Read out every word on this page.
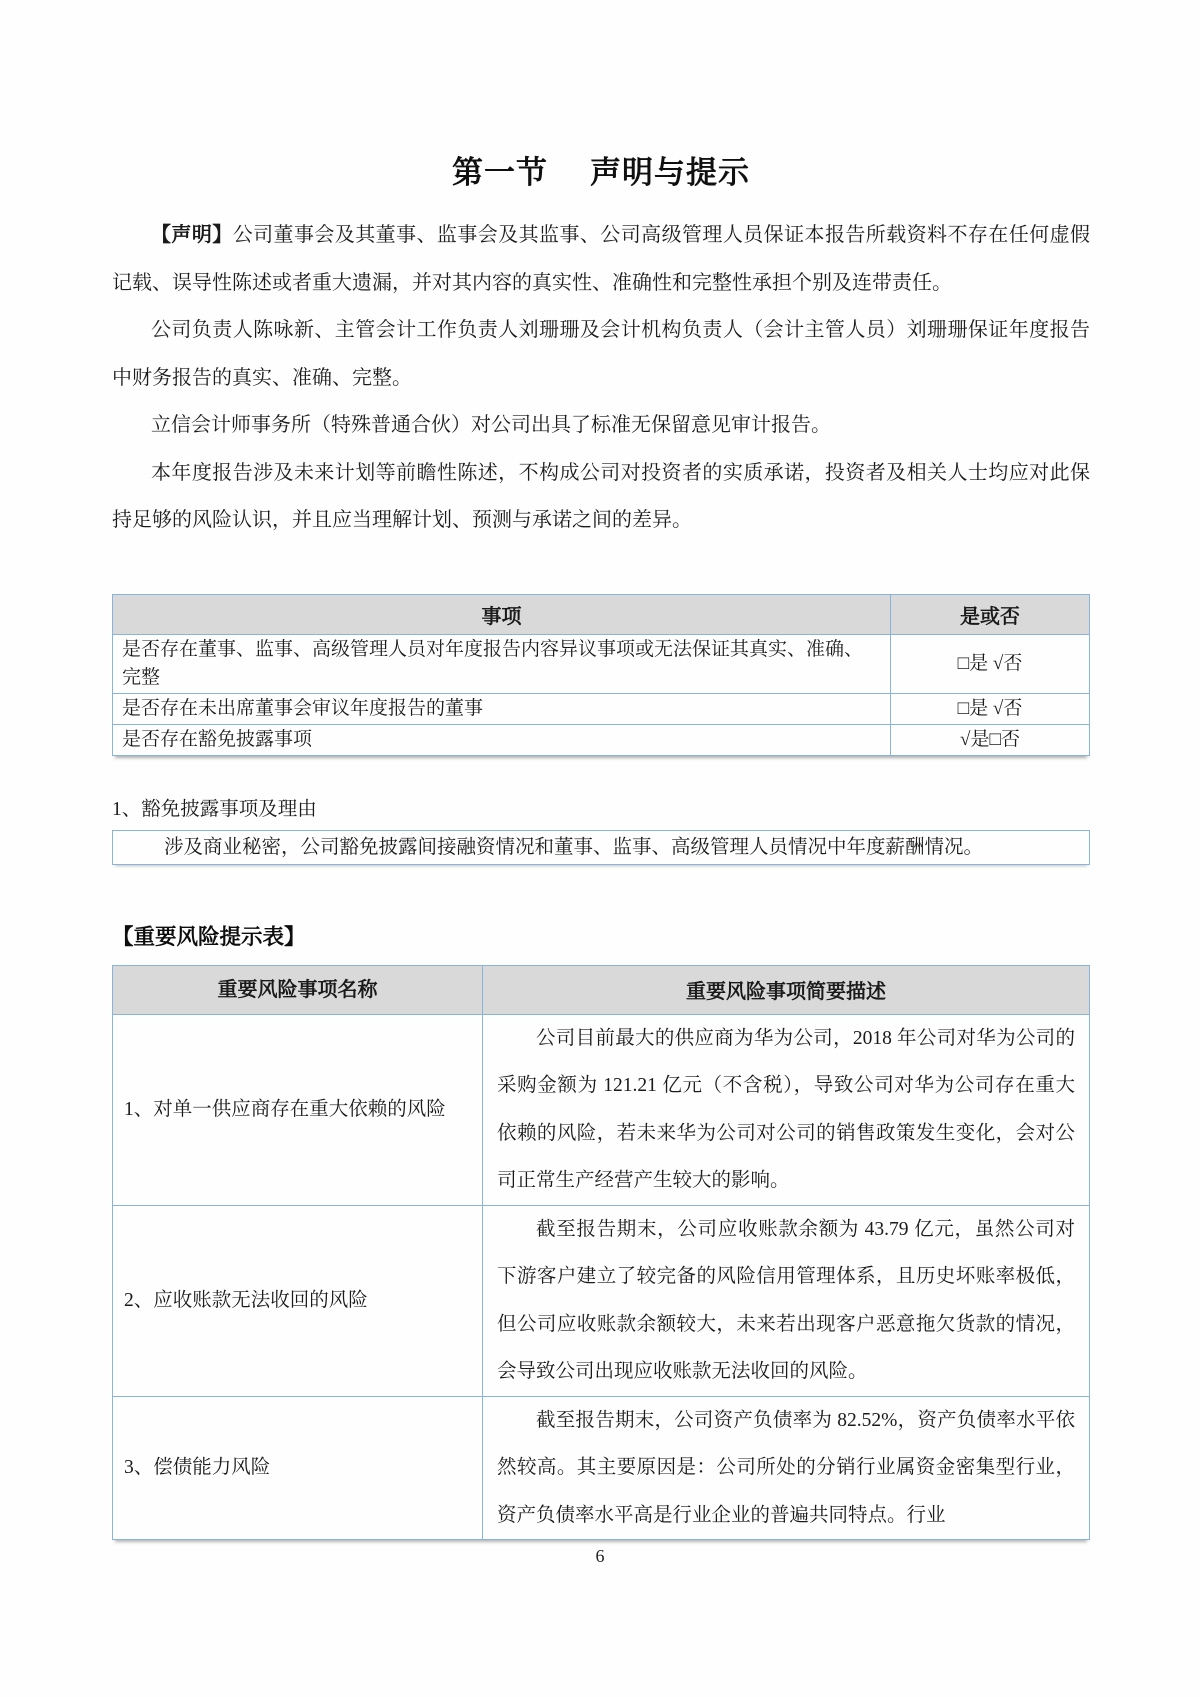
第一节 声明与提示

【声明】公司董事会及其董事、监事会及其监事、公司高级管理人员保证本报告所载资料不存在任何虚假记载、误导性陈述或者重大遗漏，并对其内容的真实性、准确性和完整性承担个别及连带责任。

公司负责人陈咏新、主管会计工作负责人刘珊珊及会计机构负责人（会计主管人员）刘珊珊保证年度报告中财务报告的真实、准确、完整。

立信会计师事务所（特殊普通合伙）对公司出具了标准无保留意见审计报告。

本年度报告涉及未来计划等前瞻性陈述，不构成公司对投资者的实质承诺，投资者及相关人士均应对此保持足够的风险认识，并且应当理解计划、预测与承诺之间的差异。

事项	是或否
是否存在董事、监事、高级管理人员对年度报告内容异议事项或无法保证其真实、准确、完整	□是 √否
是否存在未出席董事会审议年度报告的董事	□是 √否
是否存在豁免披露事项	√是□否
1、豁免披露事项及理由
涉及商业秘密，公司豁免披露间接融资情况和董事、监事、高级管理人员情况中年度薪酬情况。
【重要风险提示表】
重要风险事项名称	重要风险事项简要描述
1、对单一供应商存在重大依赖的风险	公司目前最大的供应商为华为公司，2018 年公司对华为公司的采购金额为 121.21 亿元（不含税），导致公司对华为公司存在重大依赖的风险，若未来华为公司对公司的销售政策发生变化，会对公司正常生产经营产生较大的影响。
2、应收账款无法收回的风险	截至报告期末，公司应收账款余额为 43.79 亿元，虽然公司对下游客户建立了较完备的风险信用管理体系，且历史坏账率极低，但公司应收账款余额较大，未来若出现客户恶意拖欠货款的情况，会导致公司出现应收账款无法收回的风险。
3、偿债能力风险	截至报告期末，公司资产负债率为 82.52%，资产负债率水平依然较高。其主要原因是：公司所处的分销行业属资金密集型行业，资产负债率水平高是行业企业的普遍共同特点。行业
6
